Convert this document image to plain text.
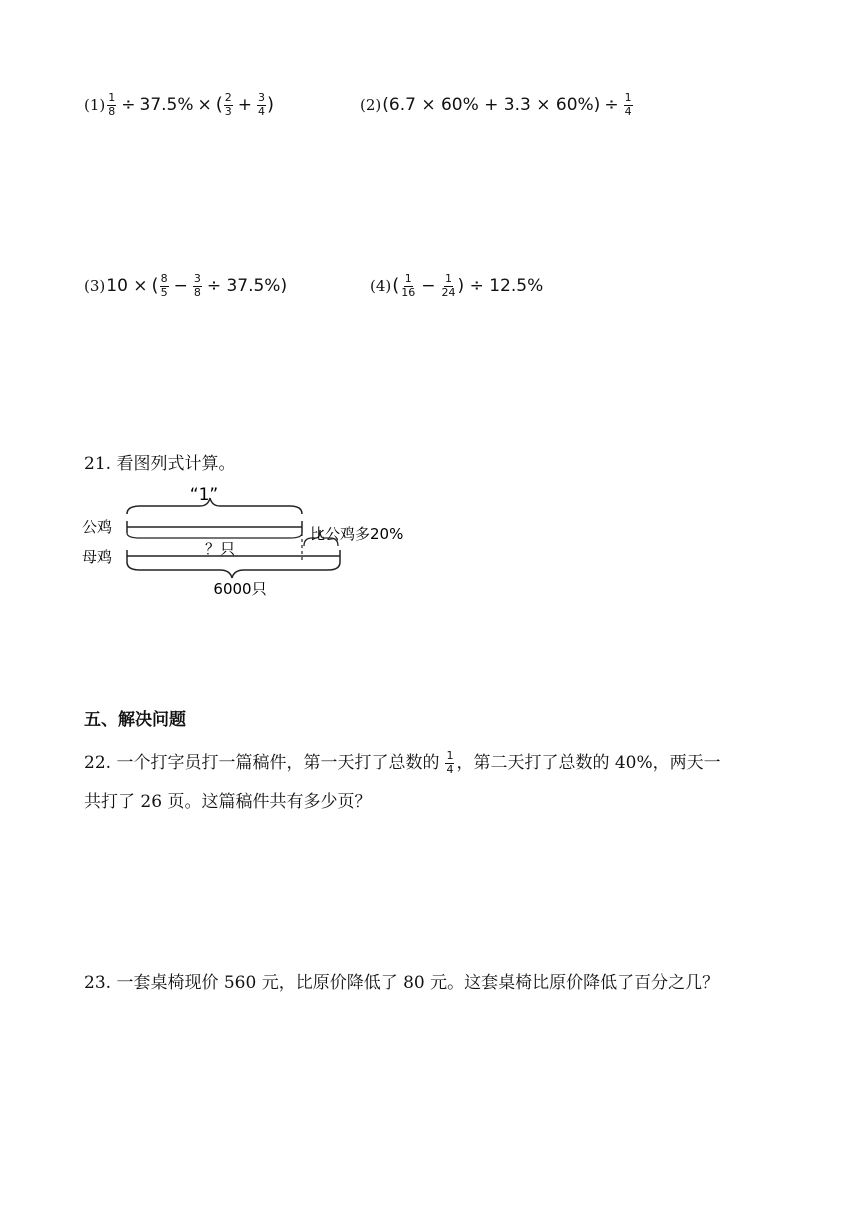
$(1) \frac{1}{8} \div 37.5\%$ × ( $\frac{2}{3} + \frac{3}{4}$ )	(2) $(6.7 \times 60\% + 3.3 \times 60\%) \div \frac{1}{4}$
(3) 10 × ( $\frac{8}{5} - \frac{3}{8} \div 37.5\%$)	(4) ( $\frac{1}{16} - \frac{1}{24}$ ) ÷ 12.5%
21. 看图列式计算。
“1”
公鸡
母鸡	？只
比公鸡多20%
6000只
五、解决问题
22. 一个打字员打一篇稿件，第一天打了总数的 $\frac{1}{4}$ ，第二天打了总数的 40%，两天一
共打了 26 页。这篇稿件共有多少页？
23. 一套桌椅现价 560 元，比原价降低了 80 元。这套桌椅比原价降低了百分之几？
